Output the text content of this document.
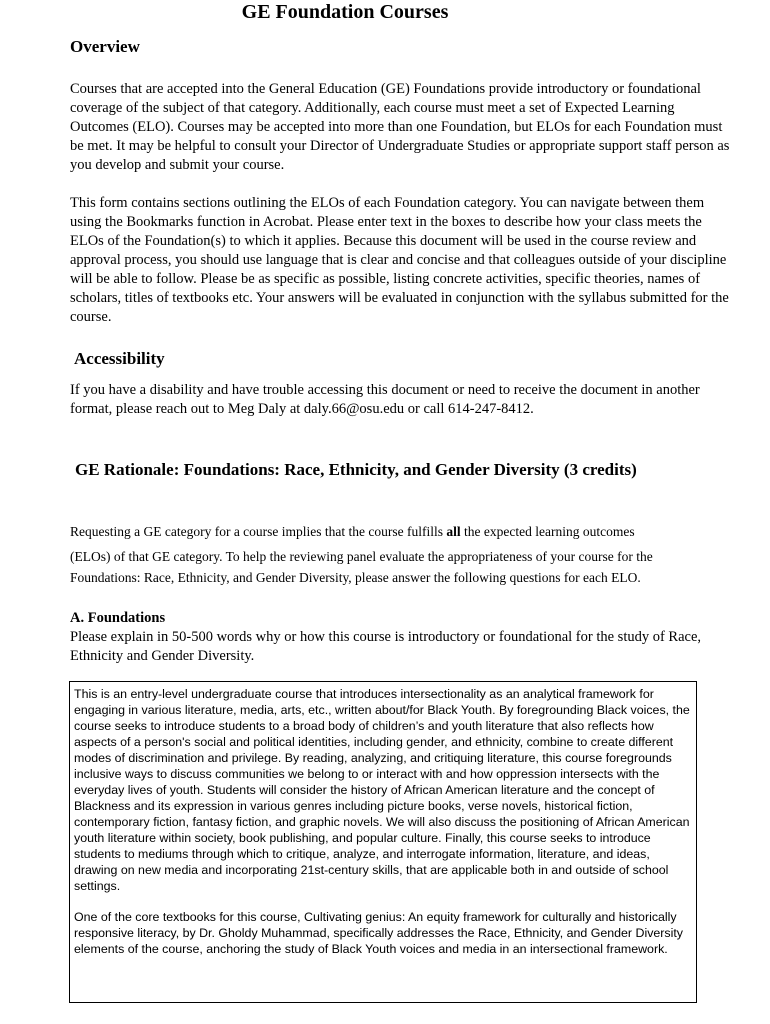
GE Foundation Courses
Overview

Courses that are accepted into the General Education (GE) Foundations provide introductory or foundational coverage of the subject of that category. Additionally, each course must meet a set of Expected Learning Outcomes (ELO). Courses may be accepted into more than one Foundation, but ELOs for each Foundation must be met. It may be helpful to consult your Director of Undergraduate Studies or appropriate support staff person as you develop and submit your course.

This form contains sections outlining the ELOs of each Foundation category. You can navigate between them using the Bookmarks function in Acrobat. Please enter text in the boxes to describe how your class meets the ELOs of the Foundation(s) to which it applies. Because this document will be used in the course review and approval process, you should use language that is clear and concise and that colleagues outside of your discipline will be able to follow. Please be as specific as possible, listing concrete activities, specific theories, names of scholars, titles of textbooks etc. Your answers will be evaluated in conjunction with the syllabus submitted for the course.

Accessibility

If you have a disability and have trouble accessing this document or need to receive the document in another format, please reach out to Meg Daly at daly.66@osu.edu or call 614-247-8412.

GE Rationale: Foundations: Race, Ethnicity, and Gender Diversity (3 credits)

Requesting a GE category for a course implies that the course fulfills all the expected learning outcomes

(ELOs) of that GE category. To help the reviewing panel evaluate the appropriateness of your course for the Foundations: Race, Ethnicity, and Gender Diversity, please answer the following questions for each ELO.

A. Foundations

Please explain in 50-500 words why or how this course is introductory or foundational for the study of Race, Ethnicity and Gender Diversity.

This is an entry-level undergraduate course that introduces intersectionality as an analytical framework for engaging in various literature, media, arts, etc., written about/for Black Youth. By foregrounding Black voices, the course seeks to introduce students to a broad body of children’s and youth literature that also reflects how aspects of a person's social and political identities, including gender, and ethnicity, combine to create different modes of discrimination and privilege. By reading, analyzing, and critiquing literature, this course foregrounds inclusive ways to discuss communities we belong to or interact with and how oppression intersects with the everyday lives of youth. Students will consider the history of African American literature and the concept of Blackness and its expression in various genres including picture books, verse novels, historical fiction, contemporary fiction, fantasy fiction, and graphic novels. We will also discuss the positioning of African American youth literature within society, book publishing, and popular culture. Finally, this course seeks to introduce students to mediums through which to critique, analyze, and interrogate information, literature, and ideas, drawing on new media and incorporating 21st-century skills, that are applicable both in and outside of school settings.

One of the core textbooks for this course, Cultivating genius: An equity framework for culturally and historically responsive literacy, by Dr. Gholdy Muhammad, specifically addresses the Race, Ethnicity, and Gender Diversity elements of the course, anchoring the study of Black Youth voices and media in an intersectional framework.
